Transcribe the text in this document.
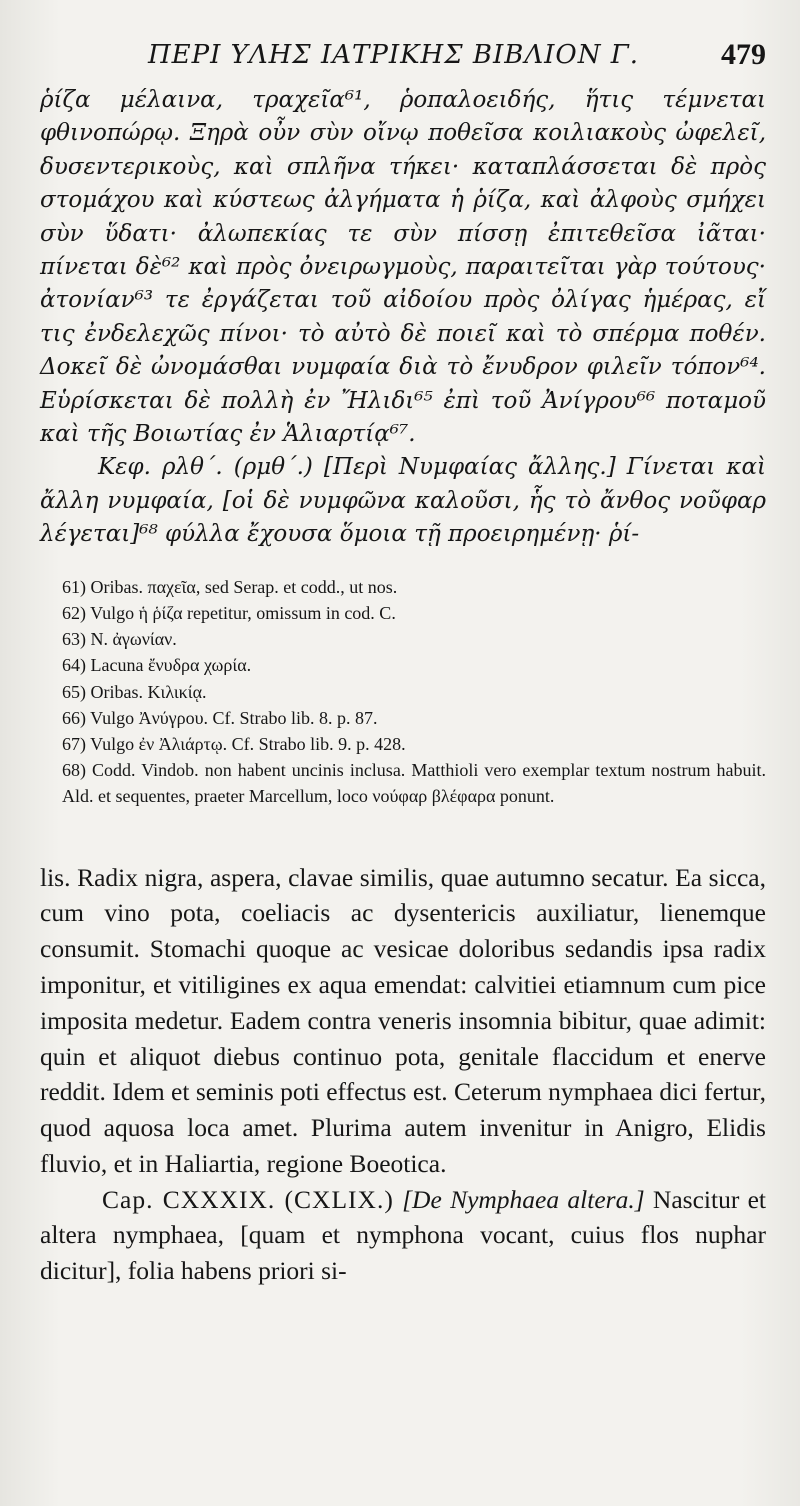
ΠΕΡΙ ΥΛΗΣ ΙΑΤΡΙΚΗΣ ΒΙΒΛΙΟΝ Γ.	479

ῥίζα μέλαινα, τραχεῖα⁶¹, ῥοπαλοειδής, ἥτις τέμνεται φθινοπώρῳ. Ξηρὰ οὖν σὺν οἴνῳ ποθεῖσα κοιλιακοὺς ὠφελεῖ, δυσεντερικοὺς, καὶ σπλῆνα τήκει· καταπλάσσεται δὲ πρὸς στομάχου καὶ κύστεως ἀλγήματα ἡ ῥίζα, καὶ ἀλφοὺς σμήχει σὺν ὕδατι· ἀλωπεκίας τε σὺν πίσσῃ ἐπιτεθεῖσα ἰᾶται· πίνεται δὲ⁶² καὶ πρὸς ὀνειρωγμοὺς, παραιτεῖται γὰρ τούτους· ἀτονίαν⁶³ τε ἐργάζεται τοῦ αἰδοίου πρὸς ὀλίγας ἡμέρας, εἴ τις ἐνδελεχῶς πίνοι· τὸ αὐτὸ δὲ ποιεῖ καὶ τὸ σπέρμα ποθέν. Δοκεῖ δὲ ὠνομάσθαι νυμφαία διὰ τὸ ἔνυδρον φιλεῖν τόπον⁶⁴. Εὑρίσκεται δὲ πολλὴ ἐν Ἤλιδι⁶⁵ ἐπὶ τοῦ Ἀνίγρου⁶⁶ ποταμοῦ καὶ τῆς Βοιωτίας ἐν Ἁλιαρτίᾳ⁶⁷.

Κεφ. ρλθ΄. (ρμθ΄.) [Περὶ Νυμφαίας ἄλλης.] Γίνεται καὶ ἄλλη νυμφαία, [οἱ δὲ νυμφῶνα καλοῦσι, ἧς τὸ ἄνθος νοῦφαρ λέγεται]⁶⁸ φύλλα ἔχουσα ὅμοια τῇ προειρημένῃ· ῥί-

61) Oribas. παχεῖα, sed Serap. et codd., ut nos.

62) Vulgo ἡ ῥίζα repetitur, omissum in cod. C.

63) N. ἀγωνίαν.

64) Lacuna ἔνυδρα χωρία.

65) Oribas. Κιλικίᾳ.

66) Vulgo Ἀνύγρου. Cf. Strabo lib. 8. p. 87.

67) Vulgo ἐν Ἀλιάρτῳ. Cf. Strabo lib. 9. p. 428.

68) Codd. Vindob. non habent uncinis inclusa. Matthioli vero exemplar textum nostrum habuit. Ald. et sequentes, praeter Marcellum, loco νούφαρ βλέφαρα ponunt.

lis. Radix nigra, aspera, clavae similis, quae autumno secatur. Ea sicca, cum vino pota, coeliacis ac dysentericis auxiliatur, lienemque consumit. Stomachi quoque ac vesicae doloribus sedandis ipsa radix imponitur, et vitiligines ex aqua emendat: calvitiei etiamnum cum pice imposita medetur. Eadem contra veneris insomnia bibitur, quae adimit: quin et aliquot diebus continuo pota, genitale flaccidum et enerve reddit. Idem et seminis poti effectus est. Ceterum nymphaea dici fertur, quod aquosa loca amet. Plurima autem invenitur in Anigro, Elidis fluvio, et in Haliartia, regione Boeotica.

Cap. CXXXIX. (CXLIX.) [De Nymphaea altera.] Nascitur et altera nymphaea, [quam et nymphona vocant, cuius flos nuphar dicitur], folia habens priori si-
